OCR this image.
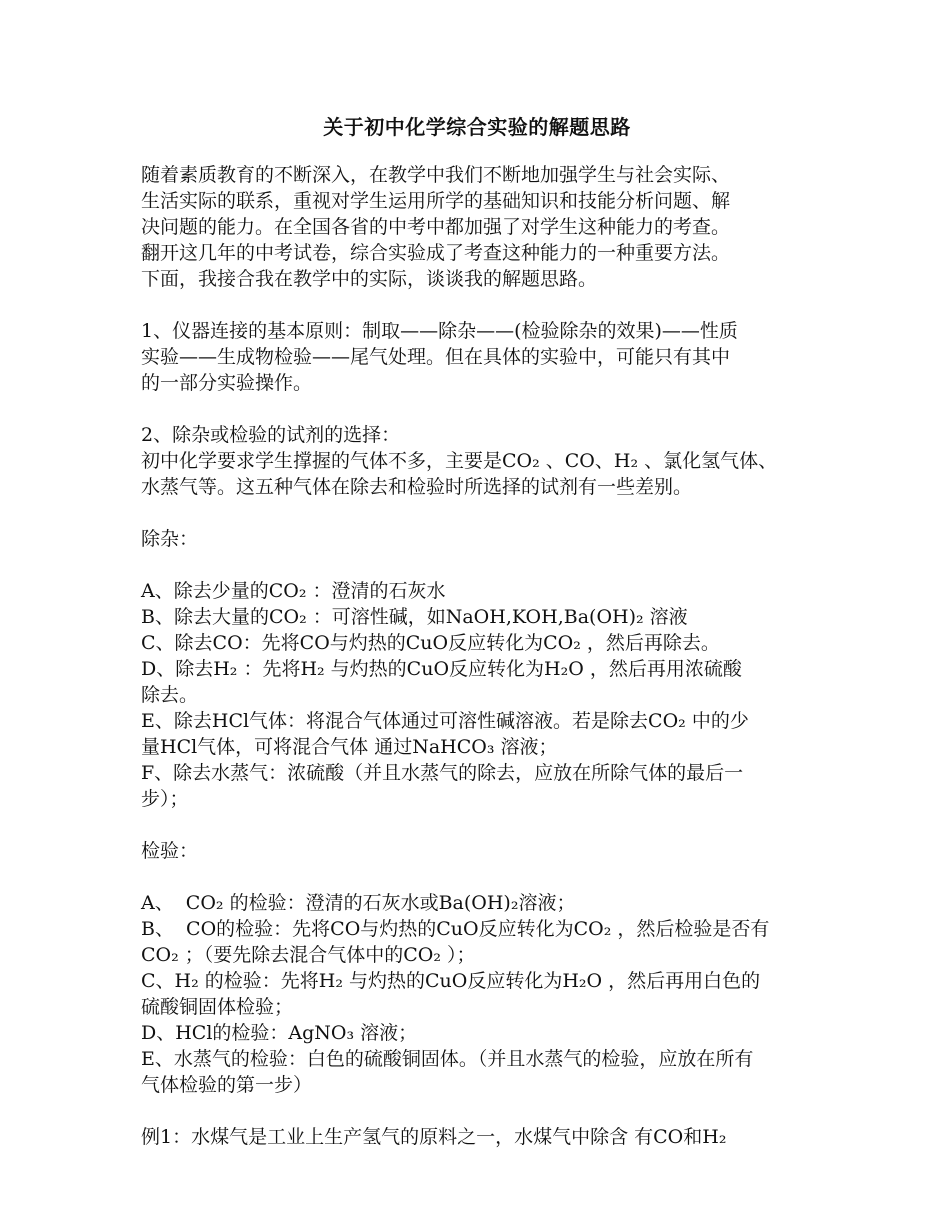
关于初中化学综合实验的解题思路
随着素质教育的不断深入，在教学中我们不断地加强学生与社会实际、
生活实际的联系，重视对学生运用所学的基础知识和技能分析问题、解
决问题的能力。在全国各省的中考中都加强了对学生这种能力的考查。
翻开这几年的中考试卷，综合实验成了考查这种能力的一种重要方法。
下面，我接合我在教学中的实际，谈谈我的解题思路。
1、仪器连接的基本原则：制取——除杂——(检验除杂的效果)——性质
实验——生成物检验——尾气处理。但在具体的实验中，可能只有其中
的一部分实验操作。
2、除杂或检验的试剂的选择：
初中化学要求学生撑握的气体不多，主要是CO₂ 、CO、H₂ 、氯化氢气体、
水蒸气等。这五种气体在除去和检验时所选择的试剂有一些差别。
除杂：
A、除去少量的CO₂ ：澄清的石灰水
B、除去大量的CO₂ ：可溶性碱，如NaOH,KOH,Ba(OH)₂ 溶液
C、除去CO：先将CO与灼热的CuO反应转化为CO₂ ，然后再除去。
D、除去H₂ ：先将H₂ 与灼热的CuO反应转化为H₂O ，然后再用浓硫酸
除去。
E、除去HCl气体：将混合气体通过可溶性碱溶液。若是除去CO₂ 中的少
量HCl气体，可将混合气体 通过NaHCO₃ 溶液；
F、除去水蒸气：浓硫酸（并且水蒸气的除去，应放在所除气体的最后一
步）；
检验：
A、  CO₂ 的检验：澄清的石灰水或Ba(OH)₂溶液；
B、  CO的检验：先将CO与灼热的CuO反应转化为CO₂ ，然后检验是否有
CO₂ ；（要先除去混合气体中的CO₂ ）；
C、H₂ 的检验：先将H₂ 与灼热的CuO反应转化为H₂O ，然后再用白色的
硫酸铜固体检验；
D、HCl的检验：AgNO₃ 溶液；
E、水蒸气的检验：白色的硫酸铜固体。（并且水蒸气的检验，应放在所有
气体检验的第一步）
例1：水煤气是工业上生产氢气的原料之一，水煤气中除含 有CO和H₂
